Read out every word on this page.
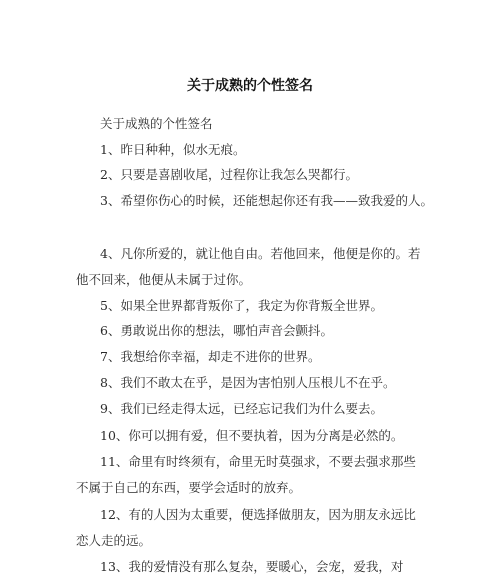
关于成熟的个性签名
关于成熟的个性签名
1、昨日种种，似水无痕。
2、只要是喜剧收尾，过程你让我怎么哭都行。
3、希望你伤心的时候，还能想起你还有我——致我爱的人。
4、凡你所爱的，就让他自由。若他回来，他便是你的。若
他不回来，他便从未属于过你。
5、如果全世界都背叛你了，我定为你背叛全世界。
6、勇敢说出你的想法，哪怕声音会颤抖。
7、我想给你幸福，却走不进你的世界。
8、我们不敢太在乎，是因为害怕别人压根儿不在乎。
9、我们已经走得太远，已经忘记我们为什么要去。
10、你可以拥有爱，但不要执着，因为分离是必然的。
11、命里有时终须有，命里无时莫强求，不要去强求那些
不属于自己的东西，要学会适时的放弃。
12、有的人因为太重要，便选择做朋友，因为朋友永远比
恋人走的远。
13、我的爱情没有那么复杂，要暖心，会宠，爱我，对
